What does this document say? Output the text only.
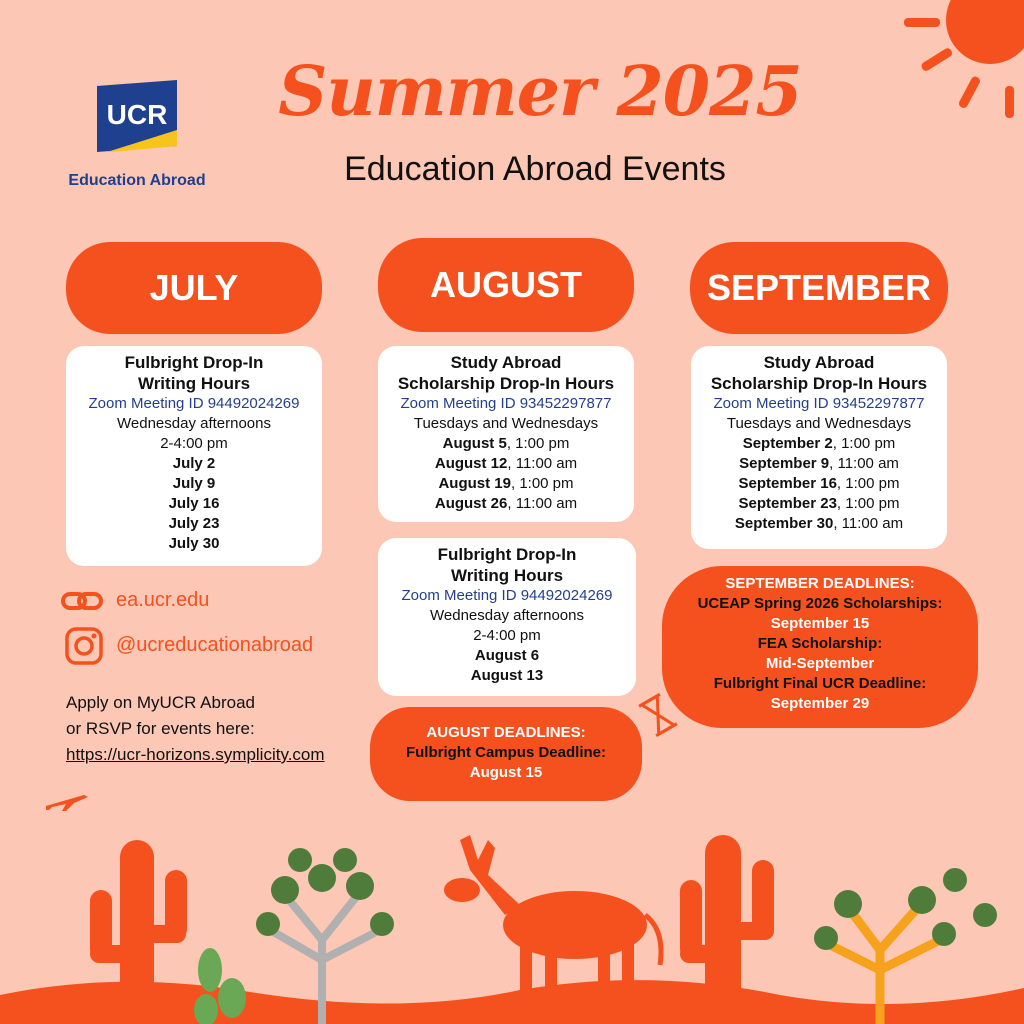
UCR
Education Abroad
Summer 2025
Education Abroad Events
JULY	AUGUST	SEPTEMBER
Fulbright Drop-In
Writing Hours
Zoom Meeting ID 94492024269
Wednesday afternoons
2-4:00 pm
July 2
July 9
July 16
July 23
July 30
Study Abroad
Scholarship Drop-In Hours
Zoom Meeting ID 93452297877
Tuesdays and Wednesdays
August 5, 1:00 pm
August 12, 11:00 am
August 19, 1:00 pm
August 26, 11:00 am
Fulbright Drop-In
Writing Hours
Zoom Meeting ID 94492024269
Wednesday afternoons
2-4:00 pm
August 6
August 13
AUGUST DEADLINES:
Fulbright Campus Deadline:
August 15
Study Abroad
Scholarship Drop-In Hours
Zoom Meeting ID 93452297877
Tuesdays and Wednesdays
September 2, 1:00 pm
September 9, 11:00 am
September 16, 1:00 pm
September 23, 1:00 pm
September 30, 11:00 am
SEPTEMBER DEADLINES:
UCEAP Spring 2026 Scholarships:
September 15
FEA Scholarship:
Mid-September
Fulbright Final UCR Deadline:
September 29
ea.ucr.edu
@ucreducationabroad
Apply on MyUCR Abroad
or RSVP for events here:
https://ucr-horizons.symplicity.com
